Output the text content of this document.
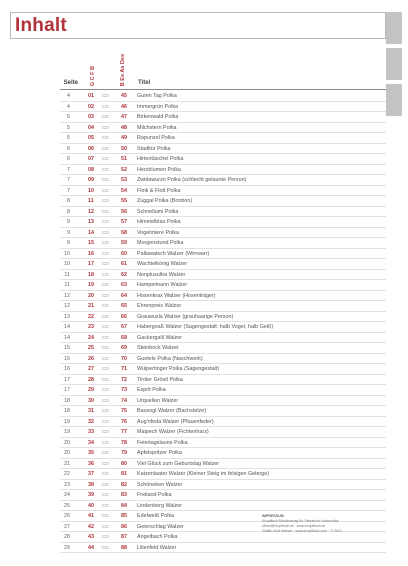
Inhalt
Seite G C F B	B Es As Des Titel
4	01	CD	45	Guten Tag Polka
4	02	CD	46	Immergrün Polka
5	03	CD	47	Birkenwald Polka
5	04	CD	48	Milchstern Polka
5	05	CD	49	Rapunzel Polka
6	06	CD	50	Stadltür Polka
6	07	CD	51	Hirtentäschel Polka
7	08	CD	52	Herzblumen Polka
7	09	CD	53	Zwidawurzn Polka (schlecht gelaunte Person)
7	10	CD	54	Flink & Flott Polka
8	11	CD	55	Zuggal Polka (Bonbon)
8	12	CD	56	Schnellumi Polka
9	13	CD	57	Himmelblau Polka
9	14	CD	58	Vogelmiere Polka
9	15	CD	59	Morgenstund Polka
10	16	CD	60	Pallawatsch Walzer (Wirrwarr)
10	17	CD	61	Wachtelkönig Walzer
11	18	CD	62	Nonplusultra Walzer
11	19	CD	63	Hampelmann Walzer
12	20	CD	64	Hosenkrax Walzer (Hosenträger)
12	21	CD	65	Ehrenpreis Walzer
13	22	CD	66	Grauwuzla Walzer (grauhaarige Person)
14	23	CD	67	Habergoaß Walzer (Sagengestalt: halb Vogel, halb Geiß)
14	24	CD	68	Gackergalli Walzer
15	25	CD	69	Steinbock Walzer
16	26	CD	70	Guetele Polka (Naschwerk)
16	27	CD	71	Wulpertinger Polka (Sagengestalt)
17	28	CD	72	Tiroler Gröstl Polka
17	29	CD	73	Esprit Polka
18	30	CD	74	Urquellen Walzer
18	31	CD	75	Bauvogl Walzer (Bachstelze)
19	32	CD	76	Aug'nfeda Walzer (Pfauenfeder)
19	33	CD	77	Maipech Walzer (Fichtenharz)
20	34	CD	78	Feiertagslaune Polka
20	35	CD	79	Apfelspritzer Polka
21	36	CD	80	Viel Glück zum Geburtstag Walzer
22	37	CD	81	Katzenlaater Walzer (Kleiner Steig im felsigen Gebirge)
23	38	CD	82	Schöneben Walzer
24	39	CD	83	Freiland Polka
25	40	CD	84	Lindenberg Walzer
26	41	CD	85	Edelweiß Polka
27	42	CD	86	Geierschlag Walzer
28	43	CD	87	Angelbach Polka
29	44	CD	88	Lilienfeld Walzer
IMPRESSUM
Kropfitsch Musikverlag für Steirische Harmonika
office@kropfitsch.at · www.kropfitsch.at
Grafik: Kurt Wieser · www.kropfitsch.com · © 2021
